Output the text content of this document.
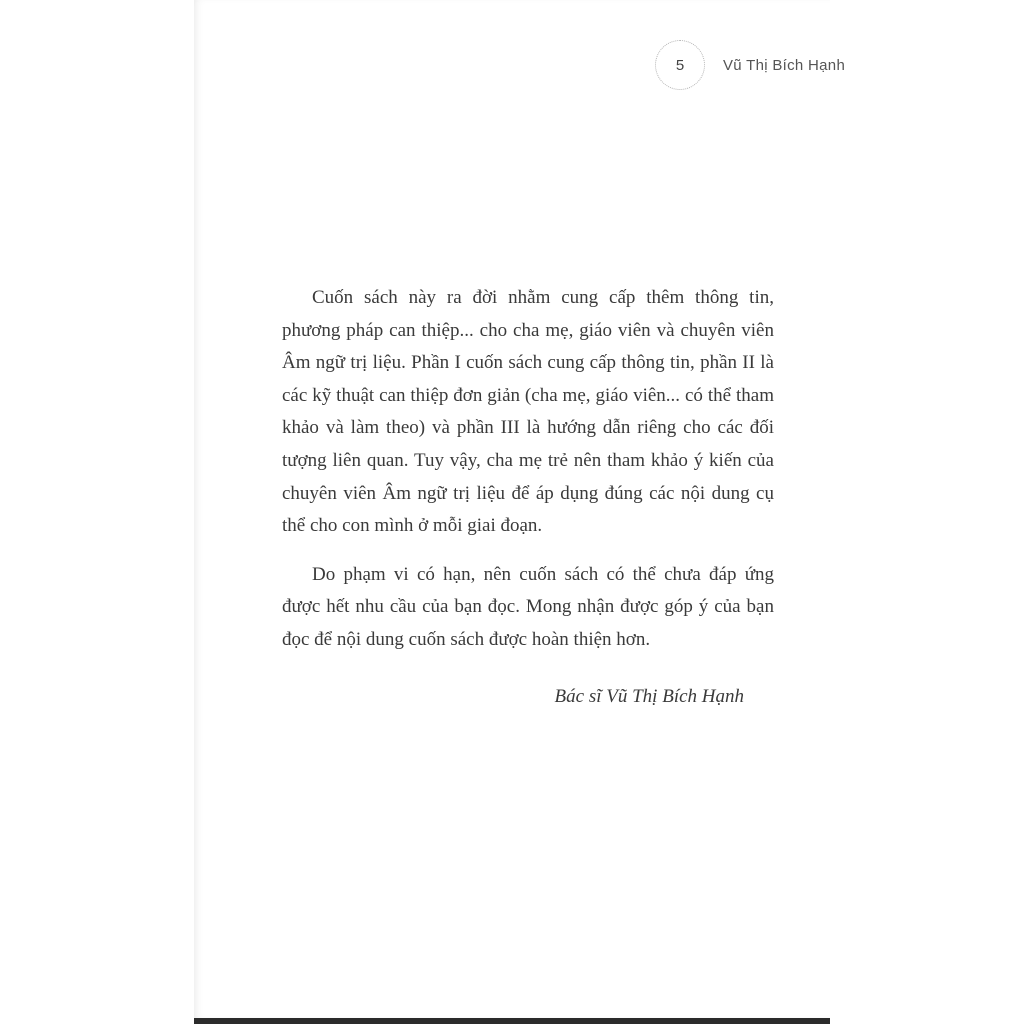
5	Vũ Thị Bích Hạnh

Cuốn sách này ra đời nhằm cung cấp thêm thông tin, phương pháp can thiệp... cho cha mẹ, giáo viên và chuyên viên Âm ngữ trị liệu. Phần I cuốn sách cung cấp thông tin, phần II là các kỹ thuật can thiệp đơn giản (cha mẹ, giáo viên... có thể tham khảo và làm theo) và phần III là hướng dẫn riêng cho các đối tượng liên quan. Tuy vậy, cha mẹ trẻ nên tham khảo ý kiến của chuyên viên Âm ngữ trị liệu để áp dụng đúng các nội dung cụ thể cho con mình ở mỗi giai đoạn.

Do phạm vi có hạn, nên cuốn sách có thể chưa đáp ứng được hết nhu cầu của bạn đọc. Mong nhận được góp ý của bạn đọc để nội dung cuốn sách được hoàn thiện hơn.

Bác sĩ Vũ Thị Bích Hạnh
